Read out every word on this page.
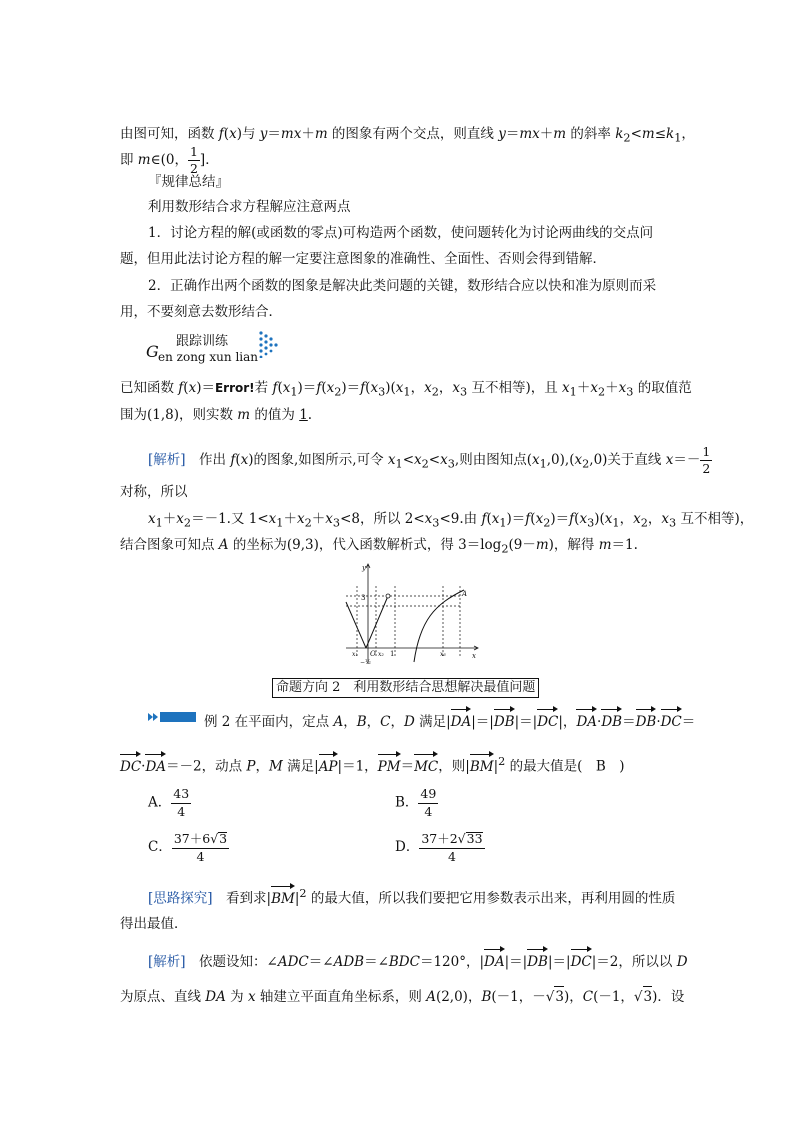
由图可知，函数 f(x)与 y＝mx＋m 的图象有两个交点，则直线 y＝mx＋m 的斜率 $k_2<m\le k_1$，
即 m∈(0， $\frac{1}{2}$ ]．
『规律总结』
利用数形结合求方程解应注意两点
1．讨论方程的解(或函数的零点)可构造两个函数，使问题转化为讨论两曲线的交点问
题，但用此法讨论方程的解一定要注意图象的准确性、全面性、否则会得到错解．
2．正确作出两个函数的图象是解决此类问题的关键，数形结合应以快和准为原则而采
用，不要刻意去数形结合．
G
跟踪训练
en zong xun lian
已知函数 f(x)＝Error!若 $f(x_1)=f(x_2)=f(x_3)(x_1$，$x_2$，$x_3$ 互不相等)，且 $x_1+x_2+x_3$ 的取值范
围为(1,8)，则实数 m 的值为 1.
[解析]　作出 f(x)的图象,如图所示,可令 $x_1<x_2<x_3$,则由图知点$(x_1,0),(x_2,0)$关于直线 $x=- \frac{1}{2}$
对称，所以
$x_1+x_2=-1$.又 $1<x_1+x_2+x_3<8$，所以 $2<x_3<9$.由 $f(x_1)=f(x_2)=f(x_3)(x_1$，$x_2$，$x_3$ 互不相等)，
结合图象可知点 A 的坐标为(9,3)，代入函数解析式，得 $3=\log_2(9-m)$，解得 m＝1.
y
x
O
A
x₁	x₂	x₃
3
1
−½
命题方向 2　利用数形结合思想解决最值问题
例 2 在平面内，定点 A，B，C，D 满足|DA|＝|DB|＝|DC|，DA·DB＝DB·DC＝
DC·DA＝－2，动点 P，M 满足|AP|＝1，PM＝MC，则$|BM|^2$ 的最大值是(　B　)
A． $\frac{43}{4}$	B． $\frac{49}{4}$
C． $\frac{37+6√3}{4}$	D． $\frac{37+2√33}{4}$
[思路探究]　看到求$|BM|^2$ 的最大值，所以我们要把它用参数表示出来，再利用圆的性质
得出最值．
[解析]　依题设知：∠ADC＝∠ADB＝∠BDC＝120°，|DA|＝|DB|＝|DC|＝2，所以以 D
为原点、直线 DA 为 x 轴建立平面直角坐标系，则 A(2,0)，B(－1，－√3)，C(－1，√3)．设
